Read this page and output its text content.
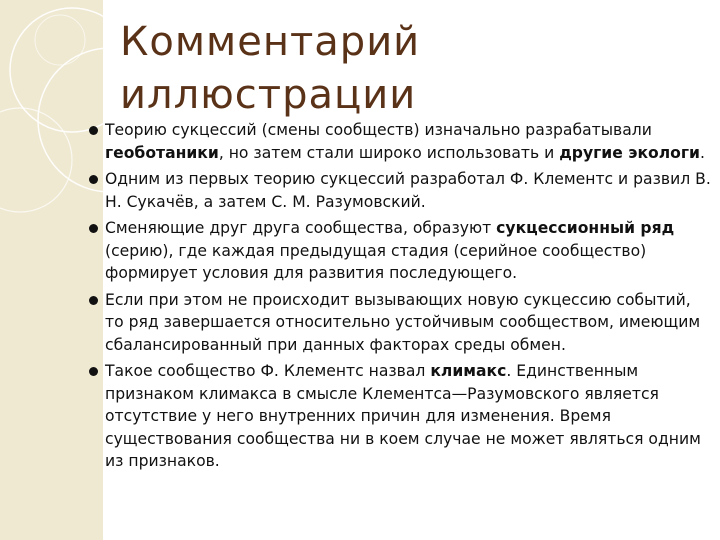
Комментарий
иллюстрации
Теорию сукцессий (смены сообществ) изначально разрабатывали геоботаники, но затем стали широко использовать и другие экологи.
Одним из первых теорию сукцессий разработал Ф. Клементс и развил В. Н. Сукачёв, а затем С. М. Разумовский.
Сменяющие друг друга сообщества, образуют сукцессионный ряд (серию), где каждая предыдущая стадия (серийное сообщество) формирует условия для развития последующего.
Если при этом не происходит вызывающих новую сукцессию событий, то ряд завершается относительно устойчивым сообществом, имеющим сбалансированный при данных факторах среды обмен.
Такое сообщество Ф. Клементс назвал климакс. Единственным признаком климакса в смысле Клементса—Разумовского является отсутствие у него внутренних причин для изменения. Время существования сообщества ни в коем случае не может являться одним из признаков.
